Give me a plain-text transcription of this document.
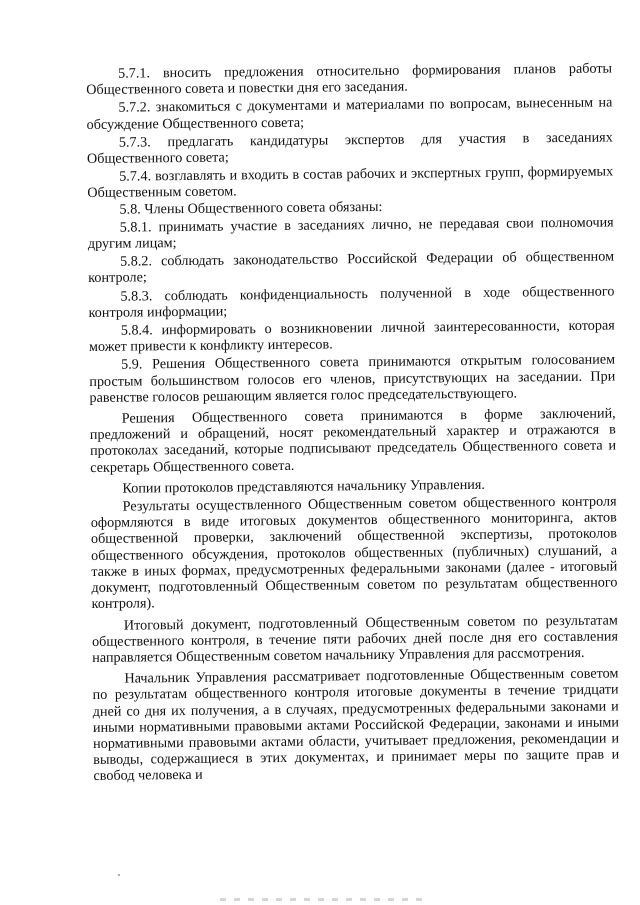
5.7.1. вносить предложения относительно формирования планов работы Общественного совета и повестки дня его заседания.

5.7.2. знакомиться с документами и материалами по вопросам, вынесенным на обсуждение Общественного совета;

5.7.3. предлагать кандидатуры экспертов для участия в заседаниях Общественного совета;

5.7.4. возглавлять и входить в состав рабочих и экспертных групп, формируемых Общественным советом.

5.8. Члены Общественного совета обязаны:

5.8.1. принимать участие в заседаниях лично, не передавая свои полномочия другим лицам;

5.8.2. соблюдать законодательство Российской Федерации об общественном контроле;

5.8.3. соблюдать конфиденциальность полученной в ходе общественного контроля информации;

5.8.4. информировать о возникновении личной заинтересованности, которая может привести к конфликту интересов.

5.9. Решения Общественного совета принимаются открытым голосованием простым большинством голосов его членов, присутствующих на заседании. При равенстве голосов решающим является голос председательствующего.

Решения Общественного совета принимаются в форме заключений, предложений и обращений, носят рекомендательный характер и отражаются в протоколах заседаний, которые подписывают председатель Общественного совета и секретарь Общественного совета.

Копии протоколов представляются начальнику Управления.

Результаты осуществленного Общественным советом общественного контроля оформляются в виде итоговых документов общественного мониторинга, актов общественной проверки, заключений общественной экспертизы, протоколов общественного обсуждения, протоколов общественных (публичных) слушаний, а также в иных формах, предусмотренных федеральными законами (далее - итоговый документ, подготовленный Общественным советом по результатам общественного контроля).

Итоговый документ, подготовленный Общественным советом по результатам общественного контроля, в течение пяти рабочих дней после дня его составления направляется Общественным советом начальнику Управления для рассмотрения.

Начальник Управления рассматривает подготовленные Общественным советом по результатам общественного контроля итоговые документы в течение тридцати дней со дня их получения, а в случаях, предусмотренных федеральными законами и иными нормативными правовыми актами Российской Федерации, законами и иными нормативными правовыми актами области, учитывает предложения, рекомендации и выводы, содержащиеся в этих документах, и принимает меры по защите прав и свобод человека и
